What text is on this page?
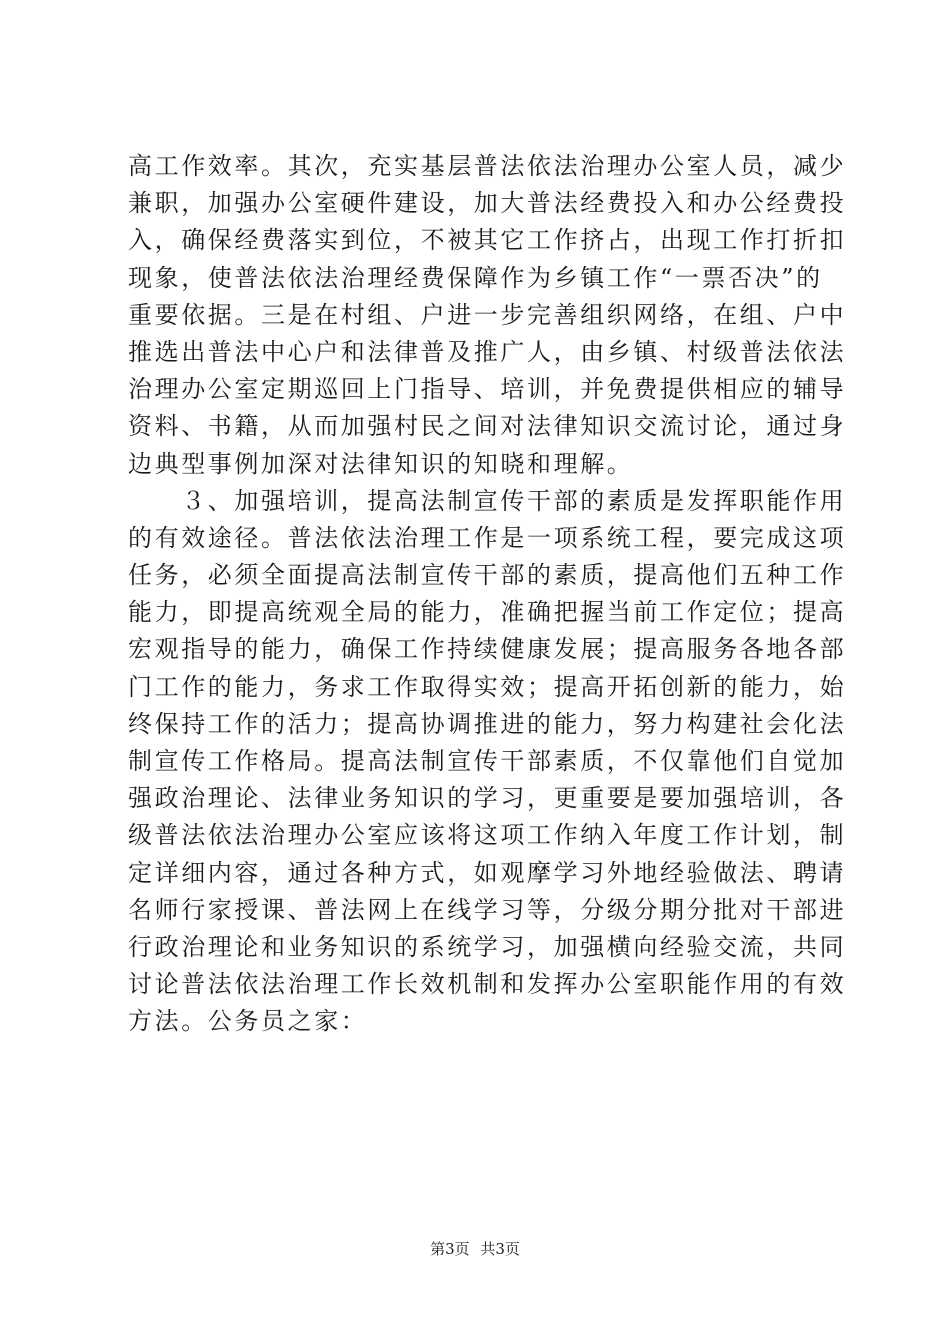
高工作效率。其次，充实基层普法依法治理办公室人员，减少
兼职，加强办公室硬件建设，加大普法经费投入和办公经费投
入，确保经费落实到位，不被其它工作挤占，出现工作打折扣
现象，使普法依法治理经费保障作为乡镇工作“一票否决”的
重要依据。三是在村组、户进一步完善组织网络，在组、户中
推选出普法中心户和法律普及推广人，由乡镇、村级普法依法
治理办公室定期巡回上门指导、培训，并免费提供相应的辅导
资料、书籍，从而加强村民之间对法律知识交流讨论，通过身
边典型事例加深对法律知识的知晓和理解。
　　３、加强培训，提高法制宣传干部的素质是发挥职能作用
的有效途径。普法依法治理工作是一项系统工程，要完成这项
任务，必须全面提高法制宣传干部的素质，提高他们五种工作
能力，即提高统观全局的能力，准确把握当前工作定位；提高
宏观指导的能力，确保工作持续健康发展；提高服务各地各部
门工作的能力，务求工作取得实效；提高开拓创新的能力，始
终保持工作的活力；提高协调推进的能力，努力构建社会化法
制宣传工作格局。提高法制宣传干部素质，不仅靠他们自觉加
强政治理论、法律业务知识的学习，更重要是要加强培训，各
级普法依法治理办公室应该将这项工作纳入年度工作计划，制
定详细内容，通过各种方式，如观摩学习外地经验做法、聘请
名师行家授课、普法网上在线学习等，分级分期分批对干部进
行政治理论和业务知识的系统学习，加强横向经验交流，共同
讨论普法依法治理工作长效机制和发挥办公室职能作用的有效
方法。公务员之家：
第3页 共3页
